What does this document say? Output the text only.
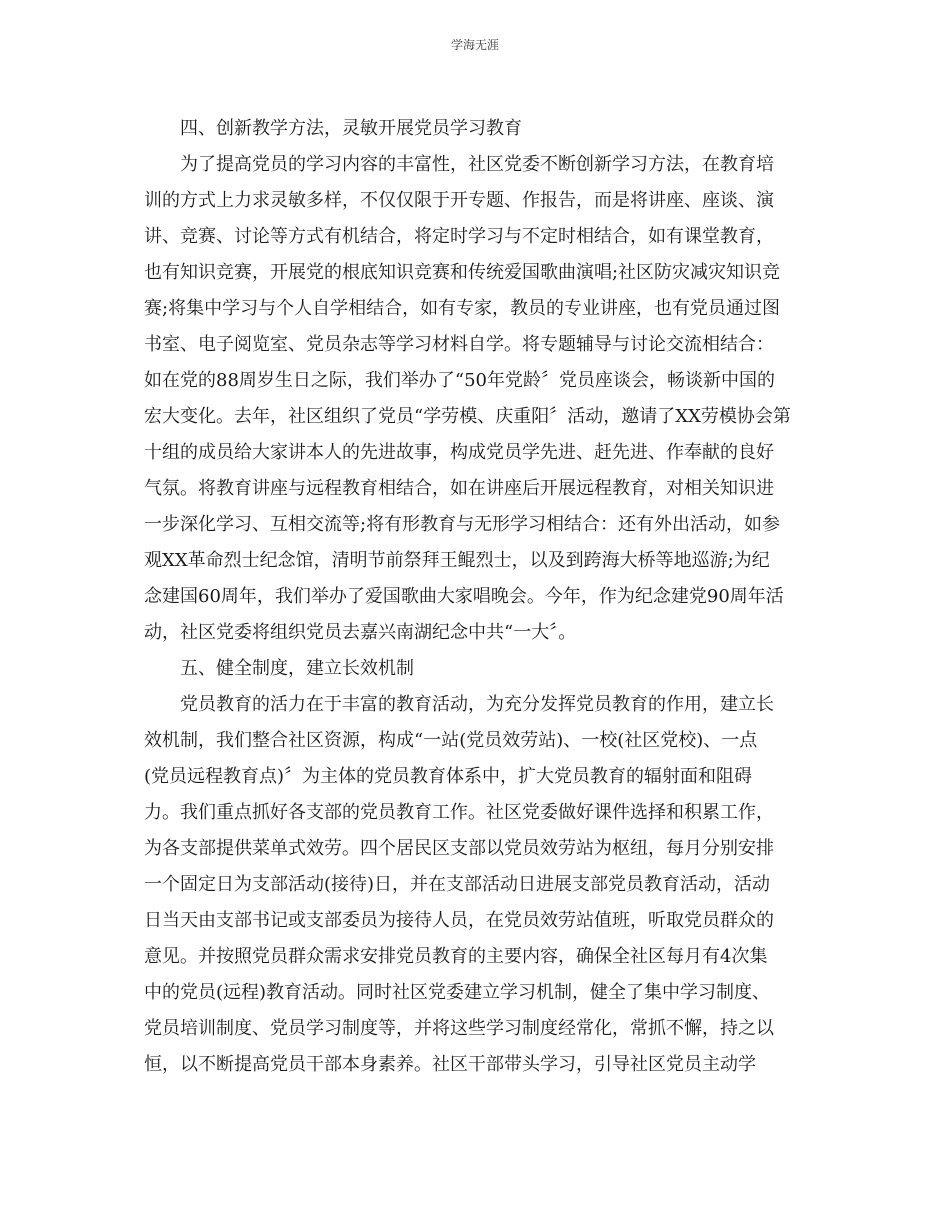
学海无涯
四、创新教学方法，灵敏开展党员学习教育
为了提高党员的学习内容的丰富性，社区党委不断创新学习方法，在教育培
训的方式上力求灵敏多样，不仅仅限于开专题、作报告，而是将讲座、座谈、演
讲、竞赛、讨论等方式有机结合，将定时学习与不定时相结合，如有课堂教育，
也有知识竞赛，开展党的根底知识竞赛和传统爱国歌曲演唱;社区防灾减灾知识竞
赛;将集中学习与个人自学相结合，如有专家，教员的专业讲座，也有党员通过图
书室、电子阅览室、党员杂志等学习材料自学。将专题辅导与讨论交流相结合：
如在党的88周岁生日之际，我们举办了“50年党龄〞党员座谈会，畅谈新中国的
宏大变化。去年，社区组织了党员“学劳模、庆重阳〞活动，邀请了XX劳模协会第
十组的成员给大家讲本人的先进故事，构成党员学先进、赶先进、作奉献的良好
气氛。将教育讲座与远程教育相结合，如在讲座后开展远程教育，对相关知识进
一步深化学习、互相交流等;将有形教育与无形学习相结合：还有外出活动，如参
观XX革命烈士纪念馆，清明节前祭拜王鲲烈士，以及到跨海大桥等地巡游;为纪
念建国60周年，我们举办了爱国歌曲大家唱晚会。今年，作为纪念建党90周年活
动，社区党委将组织党员去嘉兴南湖纪念中共“一大〞。
五、健全制度，建立长效机制
党员教育的活力在于丰富的教育活动，为充分发挥党员教育的作用，建立长
效机制，我们整合社区资源，构成“一站(党员效劳站)、一校(社区党校)、一点
(党员远程教育点)〞为主体的党员教育体系中，扩大党员教育的辐射面和阻碍
力。我们重点抓好各支部的党员教育工作。社区党委做好课件选择和积累工作，
为各支部提供菜单式效劳。四个居民区支部以党员效劳站为枢纽，每月分别安排
一个固定日为支部活动(接待)日，并在支部活动日进展支部党员教育活动，活动
日当天由支部书记或支部委员为接待人员，在党员效劳站值班，听取党员群众的
意见。并按照党员群众需求安排党员教育的主要内容，确保全社区每月有4次集
中的党员(远程)教育活动。同时社区党委建立学习机制，健全了集中学习制度、
党员培训制度、党员学习制度等，并将这些学习制度经常化，常抓不懈，持之以
恒，以不断提高党员干部本身素养。社区干部带头学习，引导社区党员主动学
